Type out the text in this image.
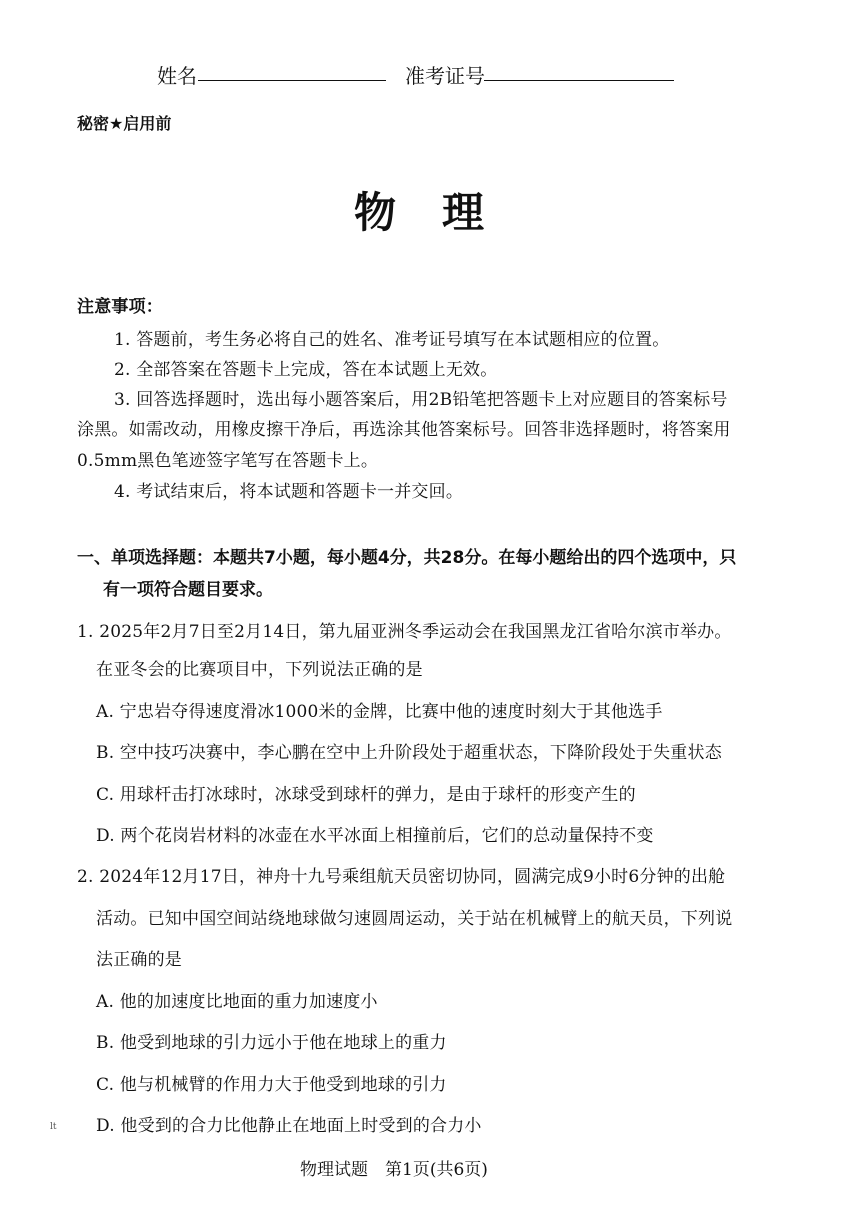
姓名	准考证号
秘密★启用前
物　理
注意事项：
1. 答题前，考生务必将自己的姓名、准考证号填写在本试题相应的位置。
2. 全部答案在答题卡上完成，答在本试题上无效。
3. 回答选择题时，选出每小题答案后，用2B铅笔把答题卡上对应题目的答案标号
涂黑。如需改动，用橡皮擦干净后，再选涂其他答案标号。回答非选择题时，将答案用
0.5mm黑色笔迹签字笔写在答题卡上。
4. 考试结束后，将本试题和答题卡一并交回。
一、单项选择题：本题共7小题，每小题4分，共28分。在每小题给出的四个选项中，只
有一项符合题目要求。
1. 2025年2月7日至2月14日，第九届亚洲冬季运动会在我国黑龙江省哈尔滨市举办。
在亚冬会的比赛项目中，下列说法正确的是
A. 宁忠岩夺得速度滑冰1000米的金牌，比赛中他的速度时刻大于其他选手
B. 空中技巧决赛中，李心鹏在空中上升阶段处于超重状态，下降阶段处于失重状态
C. 用球杆击打冰球时，冰球受到球杆的弹力，是由于球杆的形变产生的
D. 两个花岗岩材料的冰壶在水平冰面上相撞前后，它们的总动量保持不变
2. 2024年12月17日，神舟十九号乘组航天员密切协同，圆满完成9小时6分钟的出舱
活动。已知中国空间站绕地球做匀速圆周运动，关于站在机械臂上的航天员，下列说
法正确的是
A. 他的加速度比地面的重力加速度小
B. 他受到地球的引力远小于他在地球上的重力
C. 他与机械臂的作用力大于他受到地球的引力
D. 他受到的合力比他静止在地面上时受到的合力小
lt
物理试题　第1页(共6页)
